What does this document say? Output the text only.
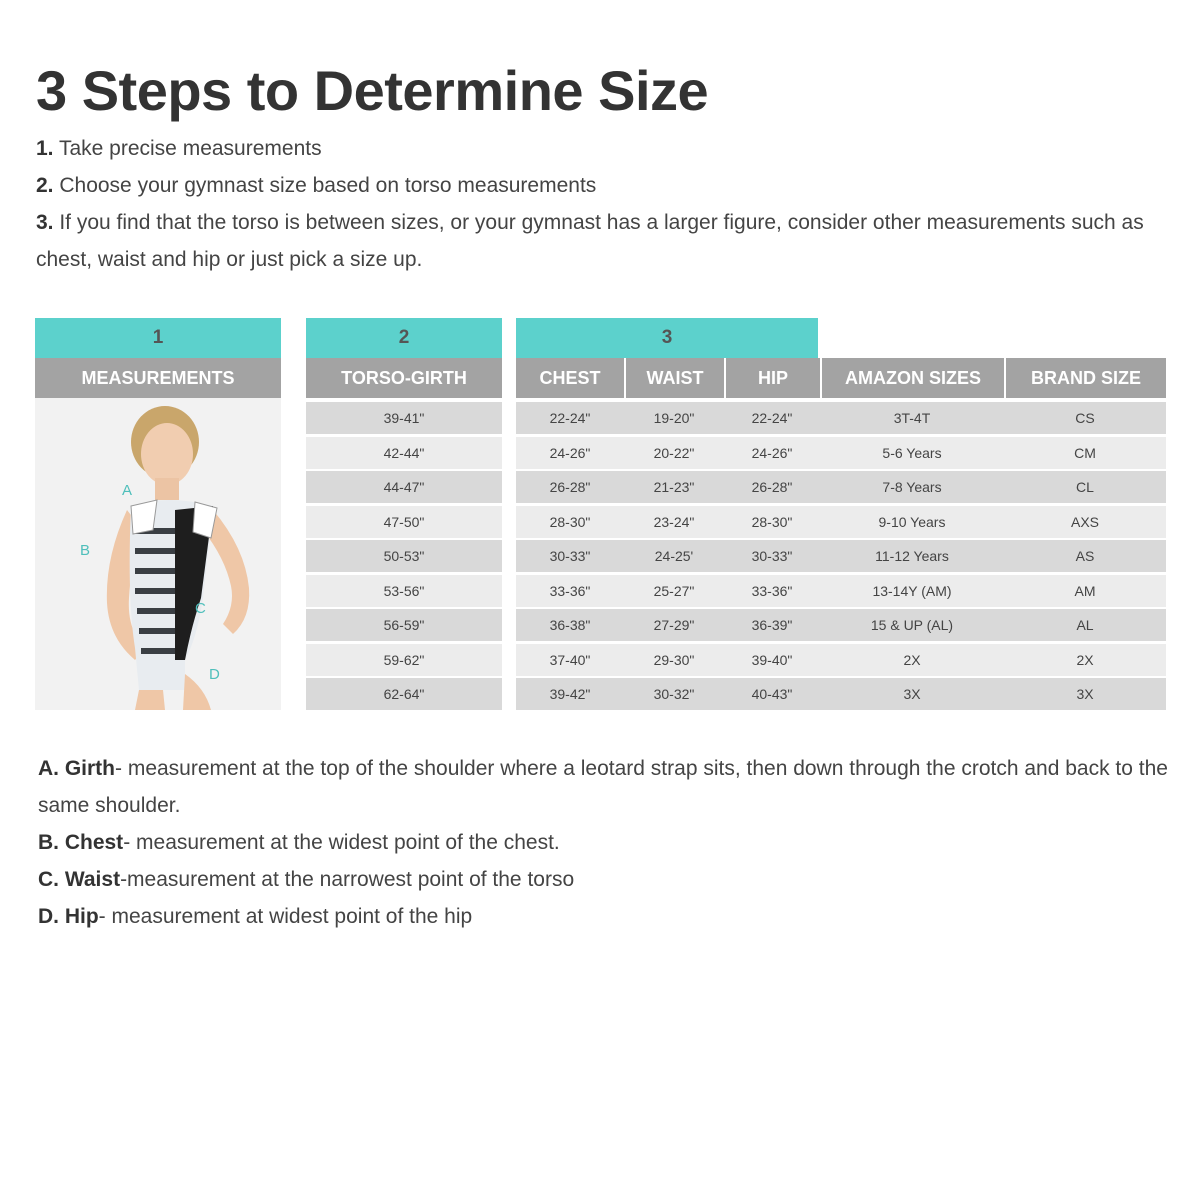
3 Steps to Determine Size

1. Take precise measurements

2. Choose your gymnast size based on torso measurements

3. If you find that the torso is between sizes, or your gymnast has a larger figure, consider other measurements such as chest, waist and hip or just pick a size up.

1
MEASUREMENTS
A
B
C
D
2
TORSO-GIRTH
39-41"
42-44"
44-47"
47-50"
50-53"
53-56"
56-59"
59-62"
62-64"
3
CHEST	WAIST	HIP	AMAZON SIZES	BRAND SIZE
22-24"	19-20"	22-24"	3T-4T	CS
24-26"	20-22"	24-26"	5-6 Years	CM
26-28"	21-23"	26-28"	7-8 Years	CL
28-30"	23-24"	28-30"	9-10 Years	AXS
30-33"	24-25'	30-33"	11-12 Years	AS
33-36"	25-27"	33-36"	13-14Y (AM)	AM
36-38"	27-29"	36-39"	15 & UP (AL)	AL
37-40"	29-30"	39-40"	2X	2X
39-42"	30-32"	40-43"	3X	3X

A. Girth- measurement at the top of the shoulder where a leotard strap sits, then down through the crotch and back to the same shoulder.

B. Chest- measurement at the widest point of the chest.

C. Waist-measurement at the narrowest point of the torso

D. Hip- measurement at widest point of the hip
